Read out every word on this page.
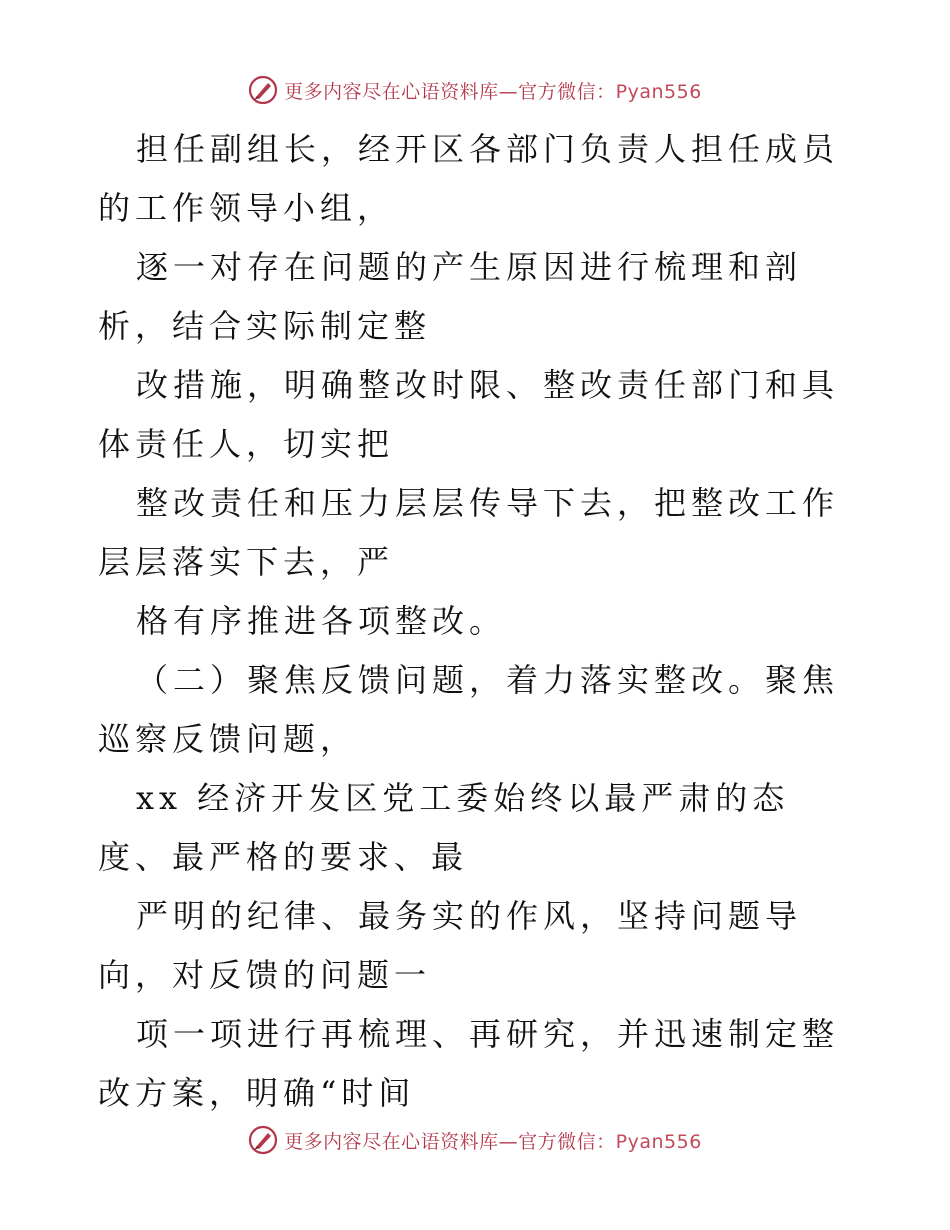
更多内容尽在心语资料库—官方微信：Pyan556

担任副组长，经开区各部门负责人担任成员的工作领导小组，

逐一对存在问题的产生原因进行梳理和剖析，结合实际制定整

改措施，明确整改时限、整改责任部门和具体责任人，切实把

整改责任和压力层层传导下去，把整改工作层层落实下去，严

格有序推进各项整改。

（二）聚焦反馈问题，着力落实整改。聚焦巡察反馈问题，

xx 经济开发区党工委始终以最严肃的态度、最严格的要求、最

严明的纪律、最务实的作风，坚持问题导向，对反馈的问题一

项一项进行再梳理、再研究，并迅速制定整改方案，明确“时间

更多内容尽在心语资料库—官方微信：Pyan556
